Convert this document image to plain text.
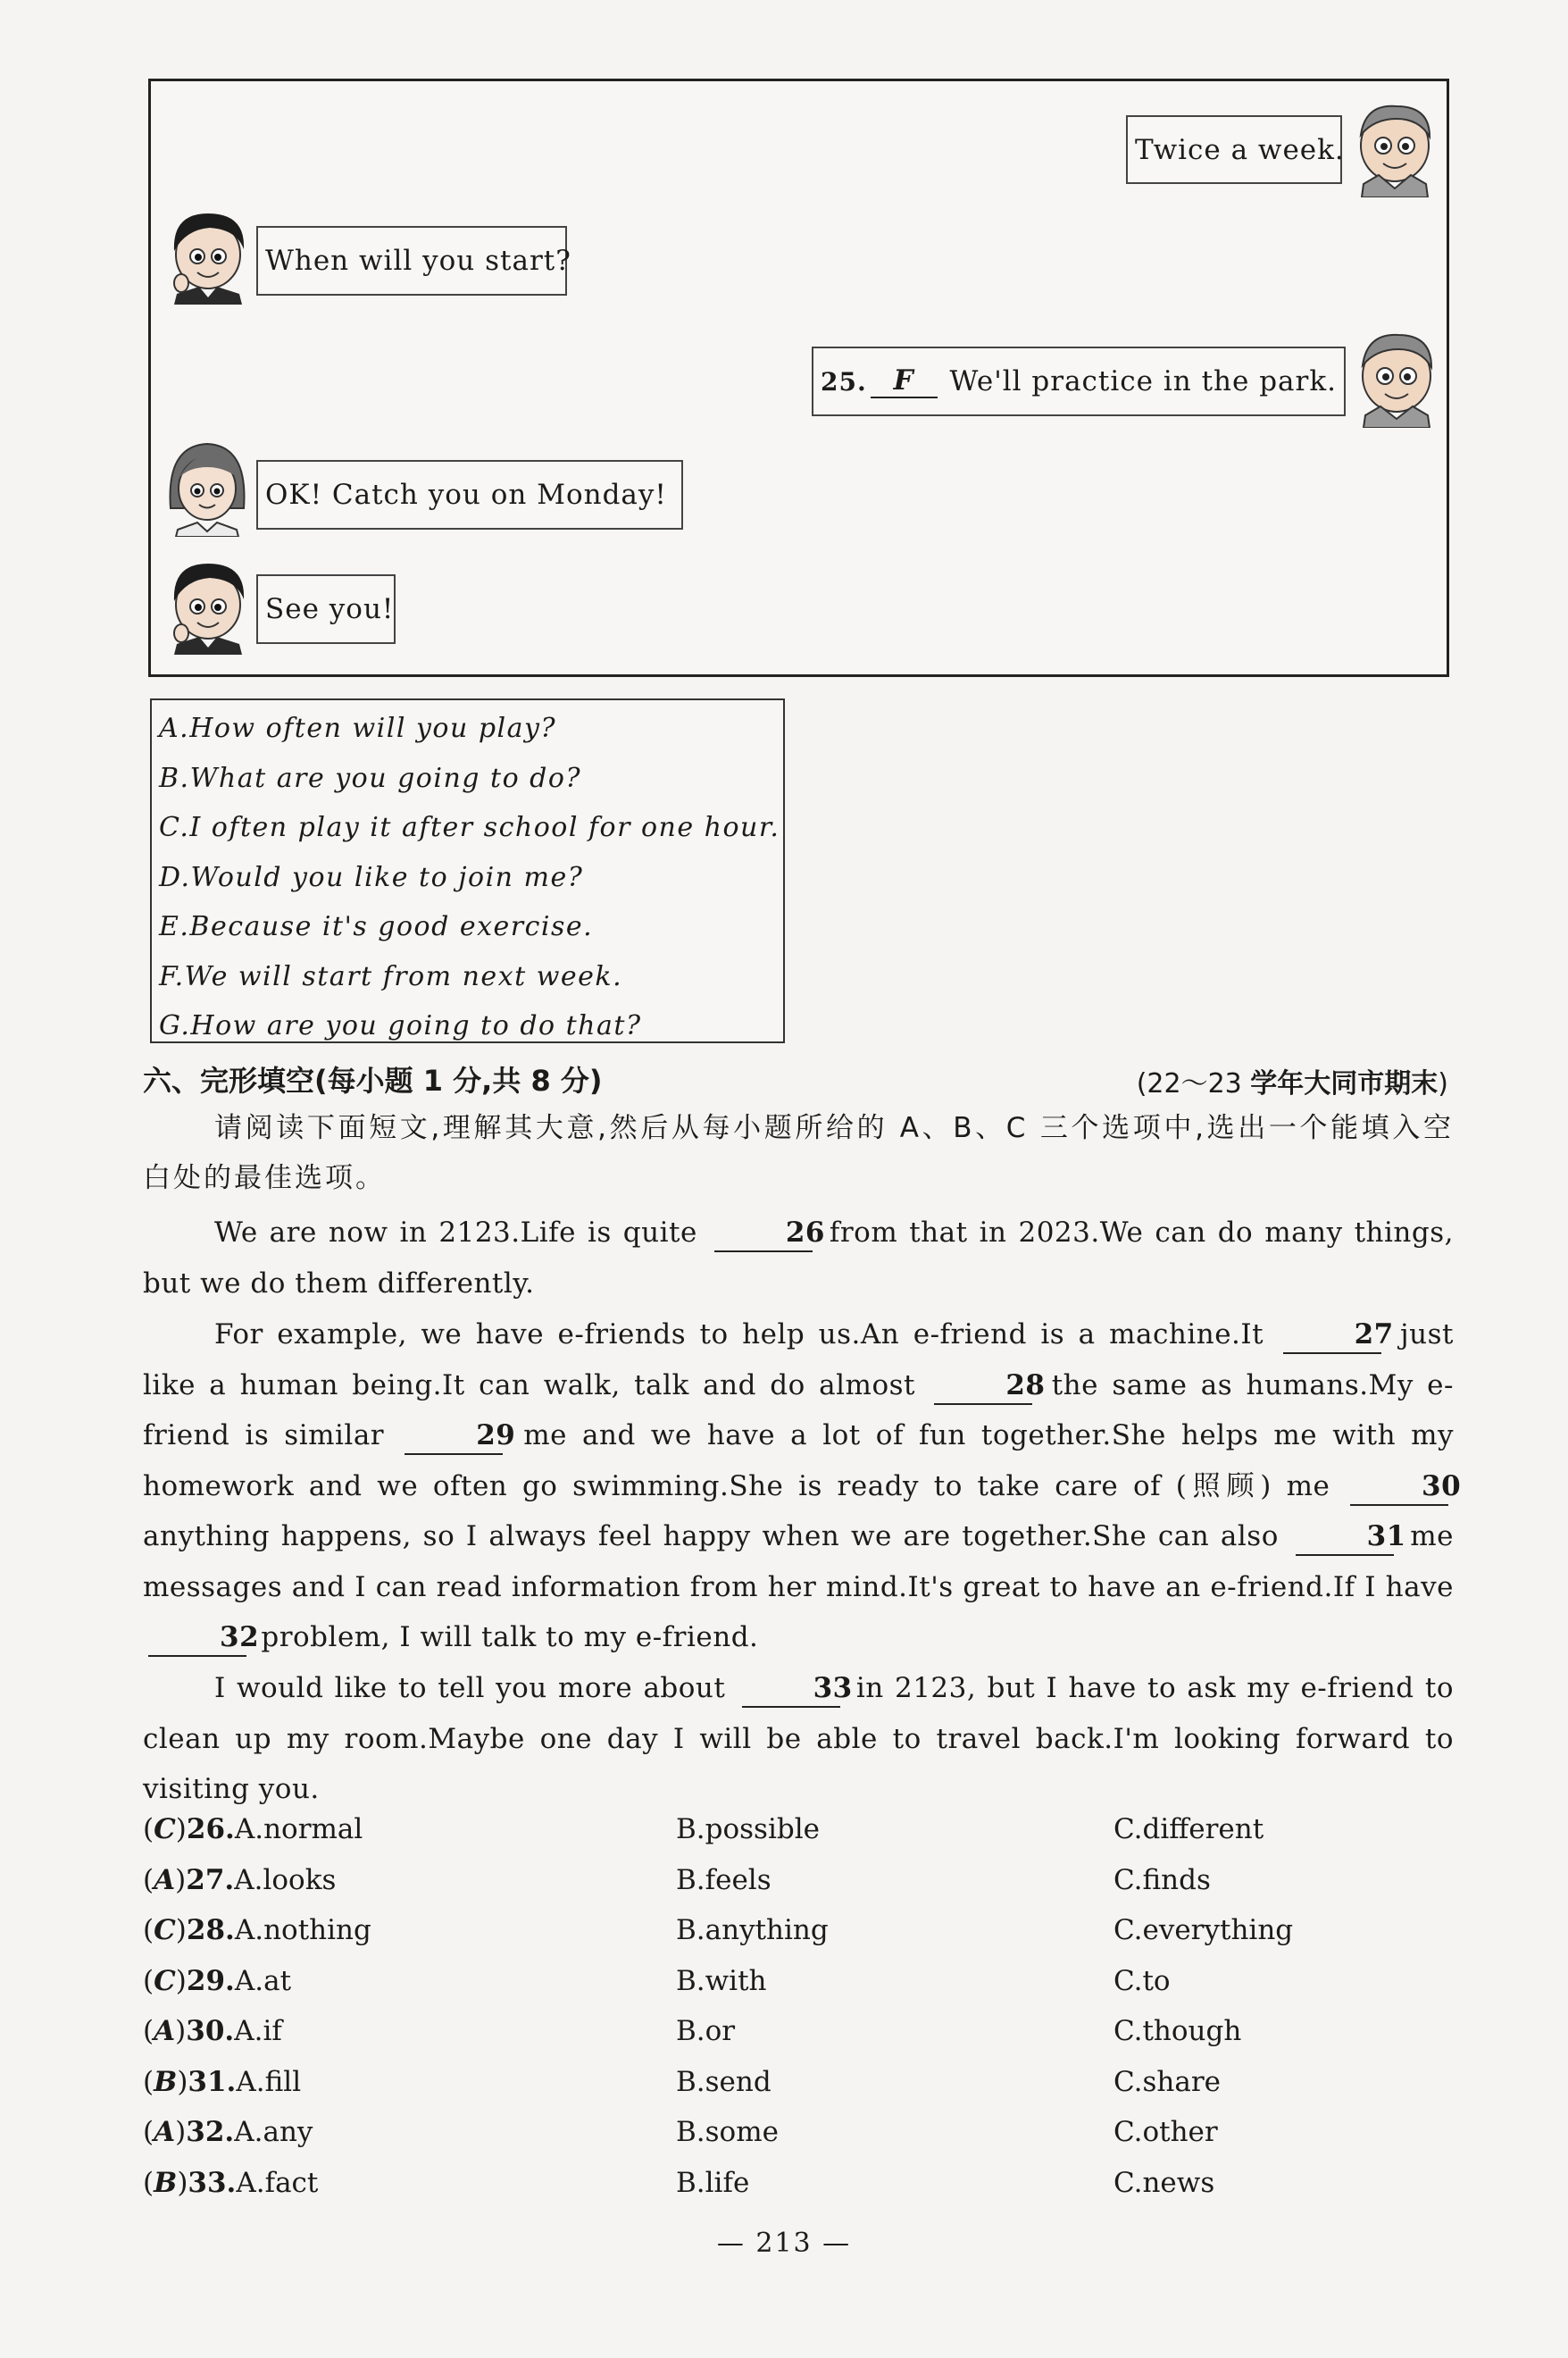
Twice a week.
When will you start?
25. F	We'll practice in the park.
OK! Catch you on Monday!
See you!
A.How often will you play?
B.What are you going to do?
C.I often play it after school for one hour.
D.Would you like to join me?
E.Because it's good exercise.
F.We will start from next week.
G.How are you going to do that?
六、完形填空(每小题 1 分,共 8 分)	(22～23 学年大同市期末)
请阅读下面短文,理解其大意,然后从每小题所给的 A、B、C 三个选项中,选出一个能填入空白处的最佳选项。
We are now in 2123.Life is quite	26 from that in 2023.We can do many things, but we do them differently.
For example, we have e-friends to help us.An e-friend is a machine.It	27 just like a human being.It can walk, talk and do almost	28 the same as humans.My e-friend is similar	29 me and we have a lot of fun together.She helps me with my homework and we often go swimming.She is ready to take care of (照顾) me	30 anything happens, so I always feel happy when we are together.She can also	31 me messages and I can read information from her mind.It's great to have an e-friend.If I have 32 problem, I will talk to my e-friend.
I would like to tell you more about	33 in 2123, but I have to ask my e-friend to clean up my room.Maybe one day I will be able to travel back.I'm looking forward to visiting you.
(C)26.A.normal	B.possible	C.different
(A)27.A.looks	B.feels	C.finds
(C)28.A.nothing	B.anything	C.everything
(C)29.A.at	B.with	C.to
(A)30.A.if	B.or	C.though
(B)31.A.fill	B.send	C.share
(A)32.A.any	B.some	C.other
(B)33.A.fact	B.life	C.news
— 213 —
